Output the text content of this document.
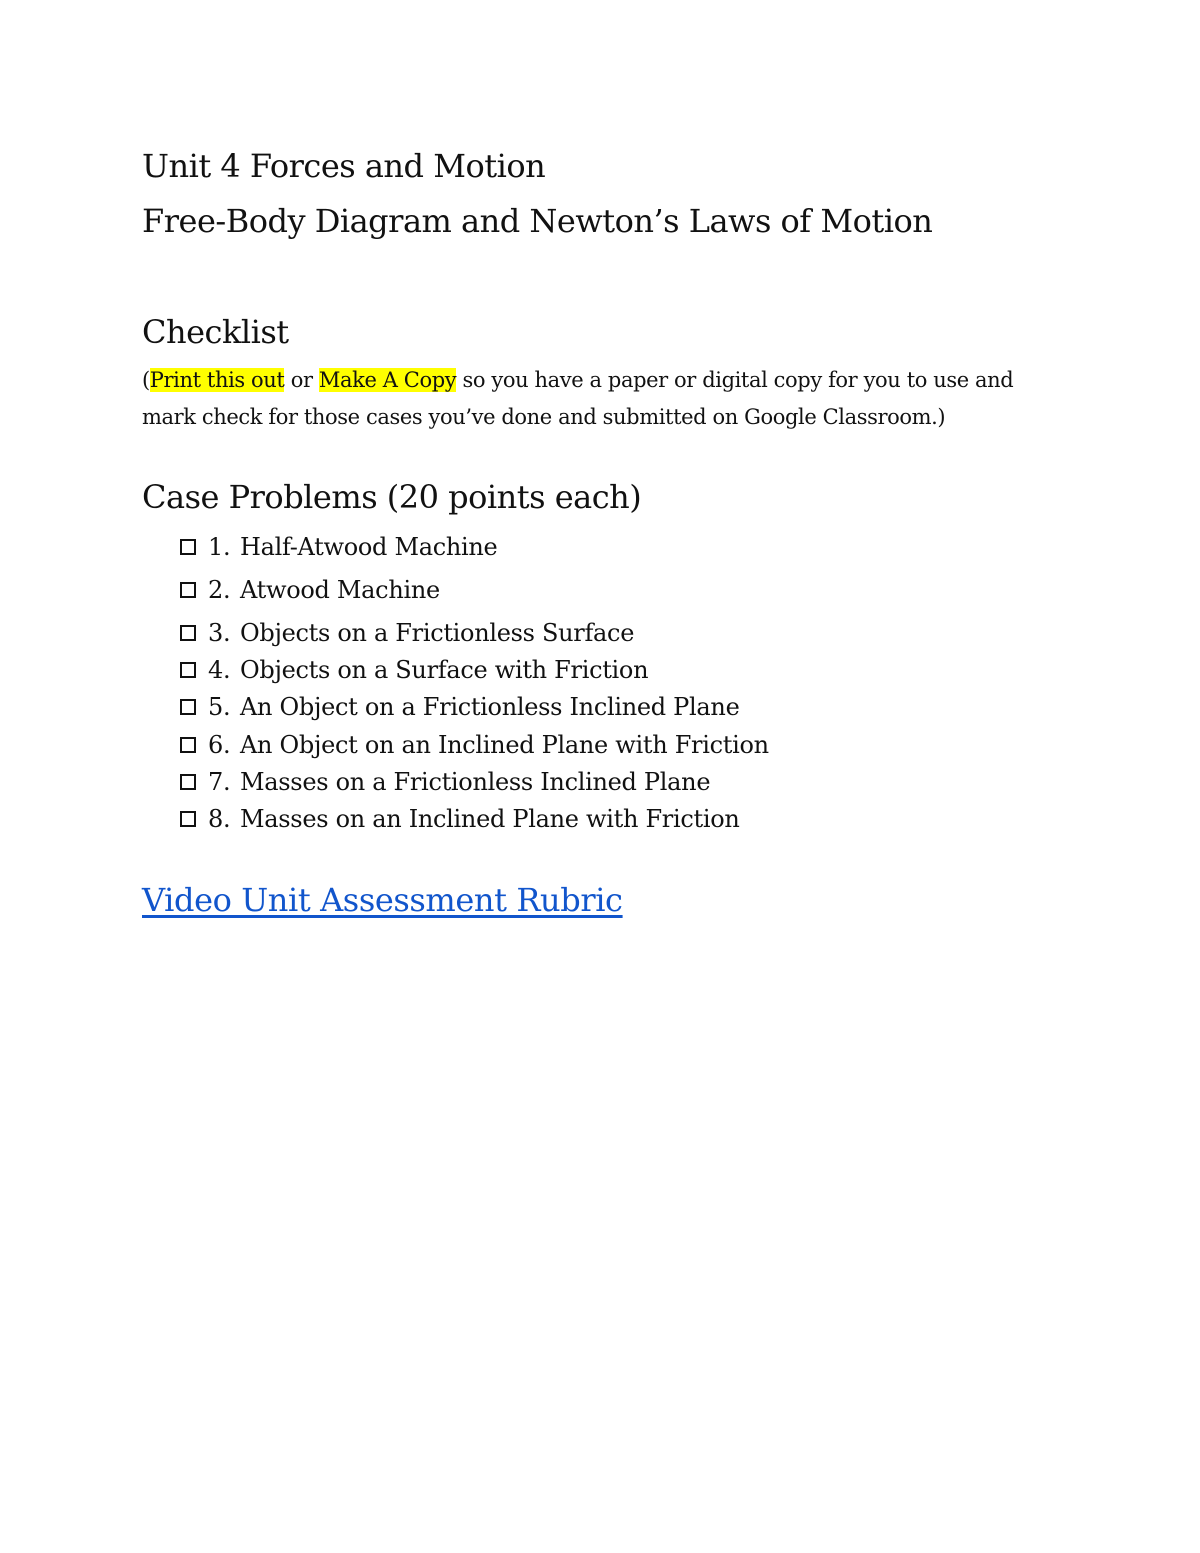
Unit 4 Forces and Motion
Free-Body Diagram and Newton’s Laws of Motion
Checklist
(Print this out or Make A Copy so you have a paper or digital copy for you to use and mark check for those cases you’ve done and submitted on Google Classroom.)
Case Problems (20 points each)
1. Half-Atwood Machine
2. Atwood Machine
3. Objects on a Frictionless Surface
4. Objects on a Surface with Friction
5. An Object on a Frictionless Inclined Plane
6. An Object on an Inclined Plane with Friction
7. Masses on a Frictionless Inclined Plane
8. Masses on an Inclined Plane with Friction
Video Unit Assessment Rubric
